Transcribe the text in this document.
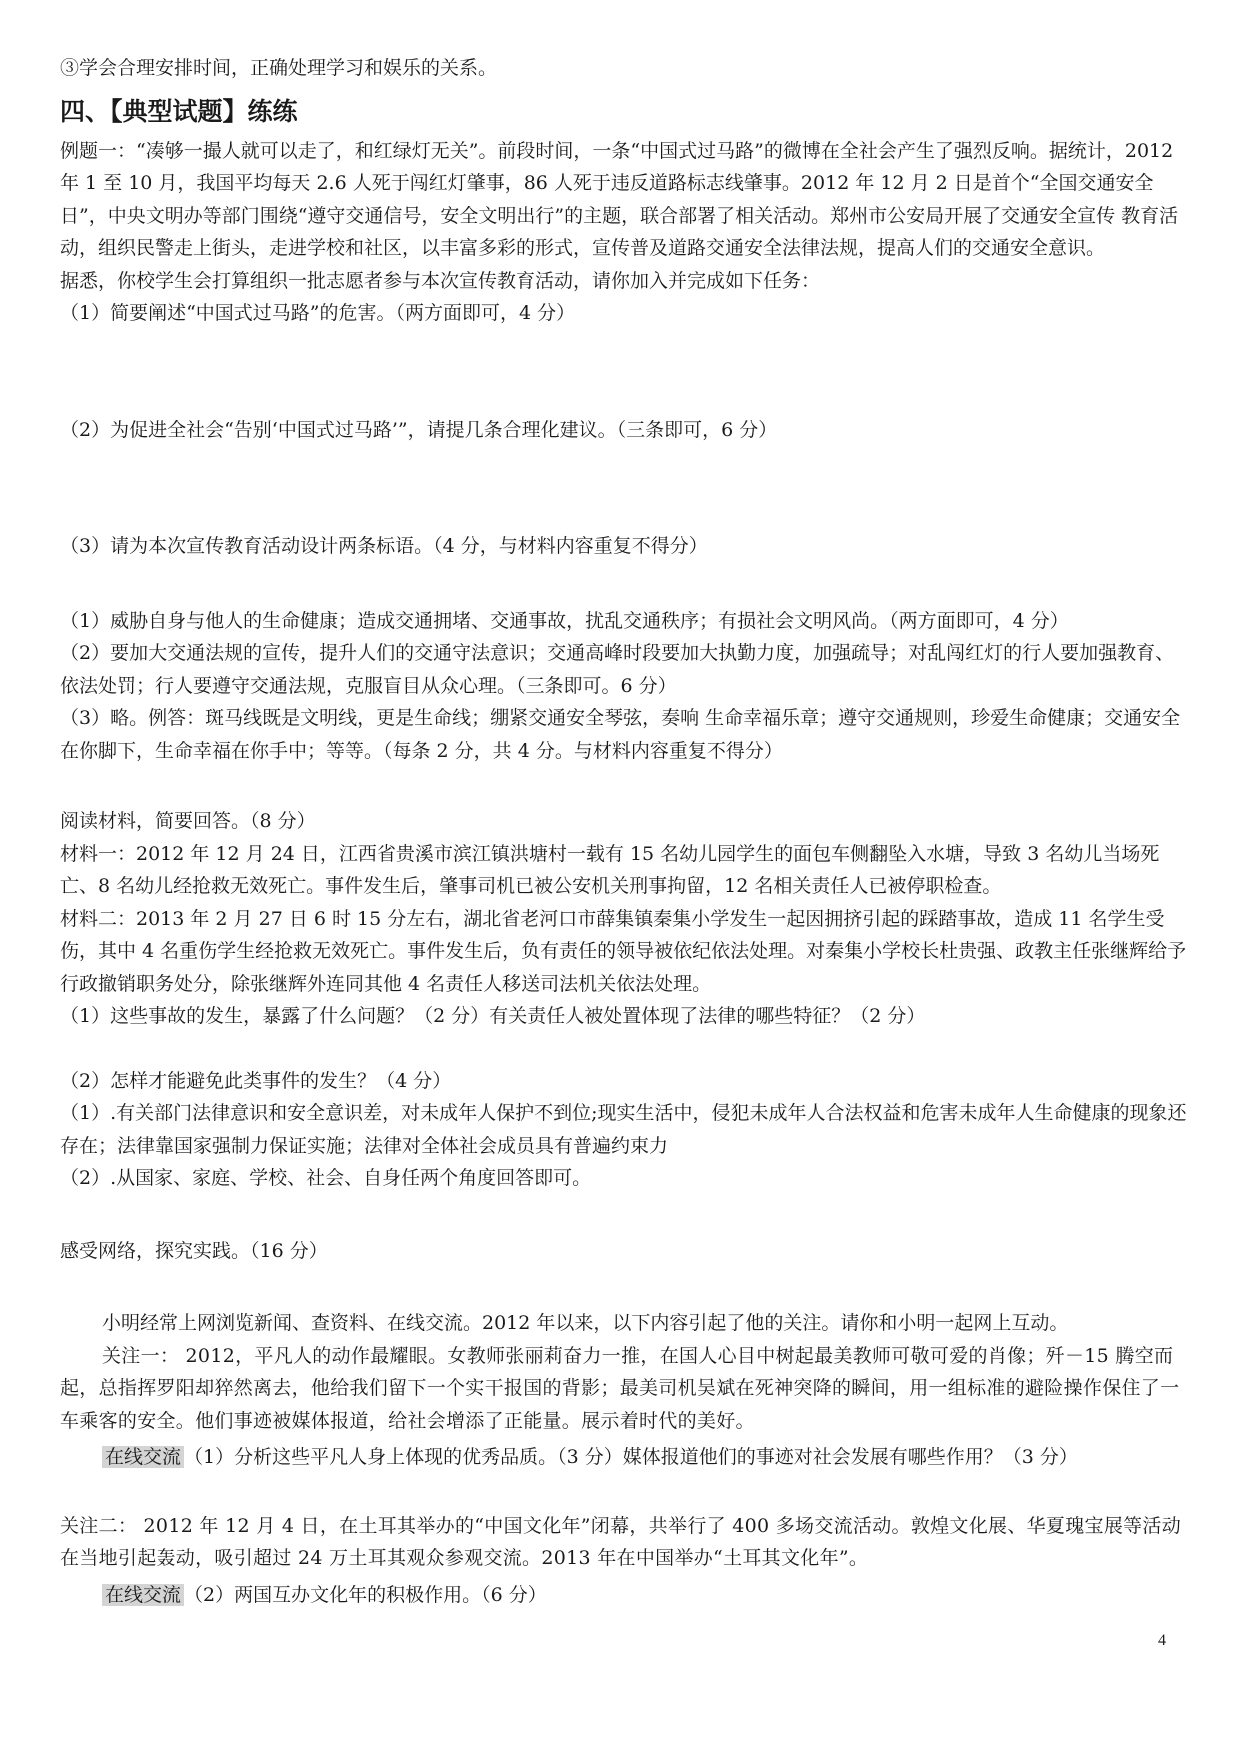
③学会合理安排时间，正确处理学习和娱乐的关系。

四、【典型试题】练练

例题一：“凑够一撮人就可以走了，和红绿灯无关”。前段时间，一条“中国式过马路”的微博在全社会产生了强烈反响。据统计，2012 年 1 至 10 月，我国平均每天 2.6 人死于闯红灯肇事，86 人死于违反道路标志线肇事。2012 年 12 月 2 日是首个“全国交通安全日”，中央文明办等部门围绕“遵守交通信号，安全文明出行”的主题，联合部署了相关活动。郑州市公安局开展了交通安全宣传 教育活动，组织民警走上街头，走进学校和社区，以丰富多彩的形式，宣传普及道路交通安全法律法规，提高人们的交通安全意识。

据悉，你校学生会打算组织一批志愿者参与本次宣传教育活动，请你加入并完成如下任务：

（1）简要阐述“中国式过马路”的危害。（两方面即可，4 分）

（2）为促进全社会“告别‘中国式过马路’”，请提几条合理化建议。（三条即可，6 分）

（3）请为本次宣传教育活动设计两条标语。（4 分，与材料内容重复不得分）

（1）威胁自身与他人的生命健康；造成交通拥堵、交通事故，扰乱交通秩序；有损社会文明风尚。（两方面即可，4 分）

（2）要加大交通法规的宣传，提升人们的交通守法意识；交通高峰时段要加大执勤力度，加强疏导；对乱闯红灯的行人要加强教育、依法处罚；行人要遵守交通法规，克服盲目从众心理。（三条即可。6 分）

（3）略。例答：斑马线既是文明线，更是生命线；绷紧交通安全琴弦，奏响 生命幸福乐章；遵守交通规则，珍爱生命健康；交通安全在你脚下，生命幸福在你手中；等等。（每条 2 分，共 4 分。与材料内容重复不得分）

阅读材料，简要回答。（8 分）

材料一：2012 年 12 月 24 日，江西省贵溪市滨江镇洪塘村一载有 15 名幼儿园学生的面包车侧翻坠入水塘，导致 3 名幼儿当场死亡、8 名幼儿经抢救无效死亡。事件发生后，肇事司机已被公安机关刑事拘留，12 名相关责任人已被停职检查。

材料二：2013 年 2 月 27 日 6 时 15 分左右，湖北省老河口市薛集镇秦集小学发生一起因拥挤引起的踩踏事故，造成 11 名学生受伤，其中 4 名重伤学生经抢救无效死亡。事件发生后，负有责任的领导被依纪依法处理。对秦集小学校长杜贵强、政教主任张继辉给予行政撤销职务处分，除张继辉外连同其他 4 名责任人移送司法机关依法处理。

（1）这些事故的发生，暴露了什么问题？（2 分）有关责任人被处置体现了法律的哪些特征？（2 分）

（2）怎样才能避免此类事件的发生？（4 分）

（1）.有关部门法律意识和安全意识差，对未成年人保护不到位;现实生活中，侵犯未成年人合法权益和危害未成年人生命健康的现象还存在；法律靠国家强制力保证实施；法律对全体社会成员具有普遍约束力

（2）.从国家、家庭、学校、社会、自身任两个角度回答即可。

感受网络，探究实践。（16 分）

小明经常上网浏览新闻、查资料、在线交流。2012 年以来，以下内容引起了他的关注。请你和小明一起网上互动。

关注一： 2012，平凡人的动作最耀眼。女教师张丽莉奋力一推，在国人心目中树起最美教师可敬可爱的肖像；歼－15 腾空而起，总指挥罗阳却猝然离去，他给我们留下一个实干报国的背影；最美司机吴斌在死神突降的瞬间，用一组标准的避险操作保住了一车乘客的安全。他们事迹被媒体报道，给社会增添了正能量。展示着时代的美好。

在线交流 （1）分析这些平凡人身上体现的优秀品质。（3 分）媒体报道他们的事迹对社会发展有哪些作用？（3 分）

关注二： 2012 年 12 月 4 日，在土耳其举办的“中国文化年”闭幕，共举行了 400 多场交流活动。敦煌文化展、华夏瑰宝展等活动在当地引起轰动，吸引超过 24 万土耳其观众参观交流。2013 年在中国举办“土耳其文化年”。

在线交流 （2）两国互办文化年的积极作用。（6 分）

4
